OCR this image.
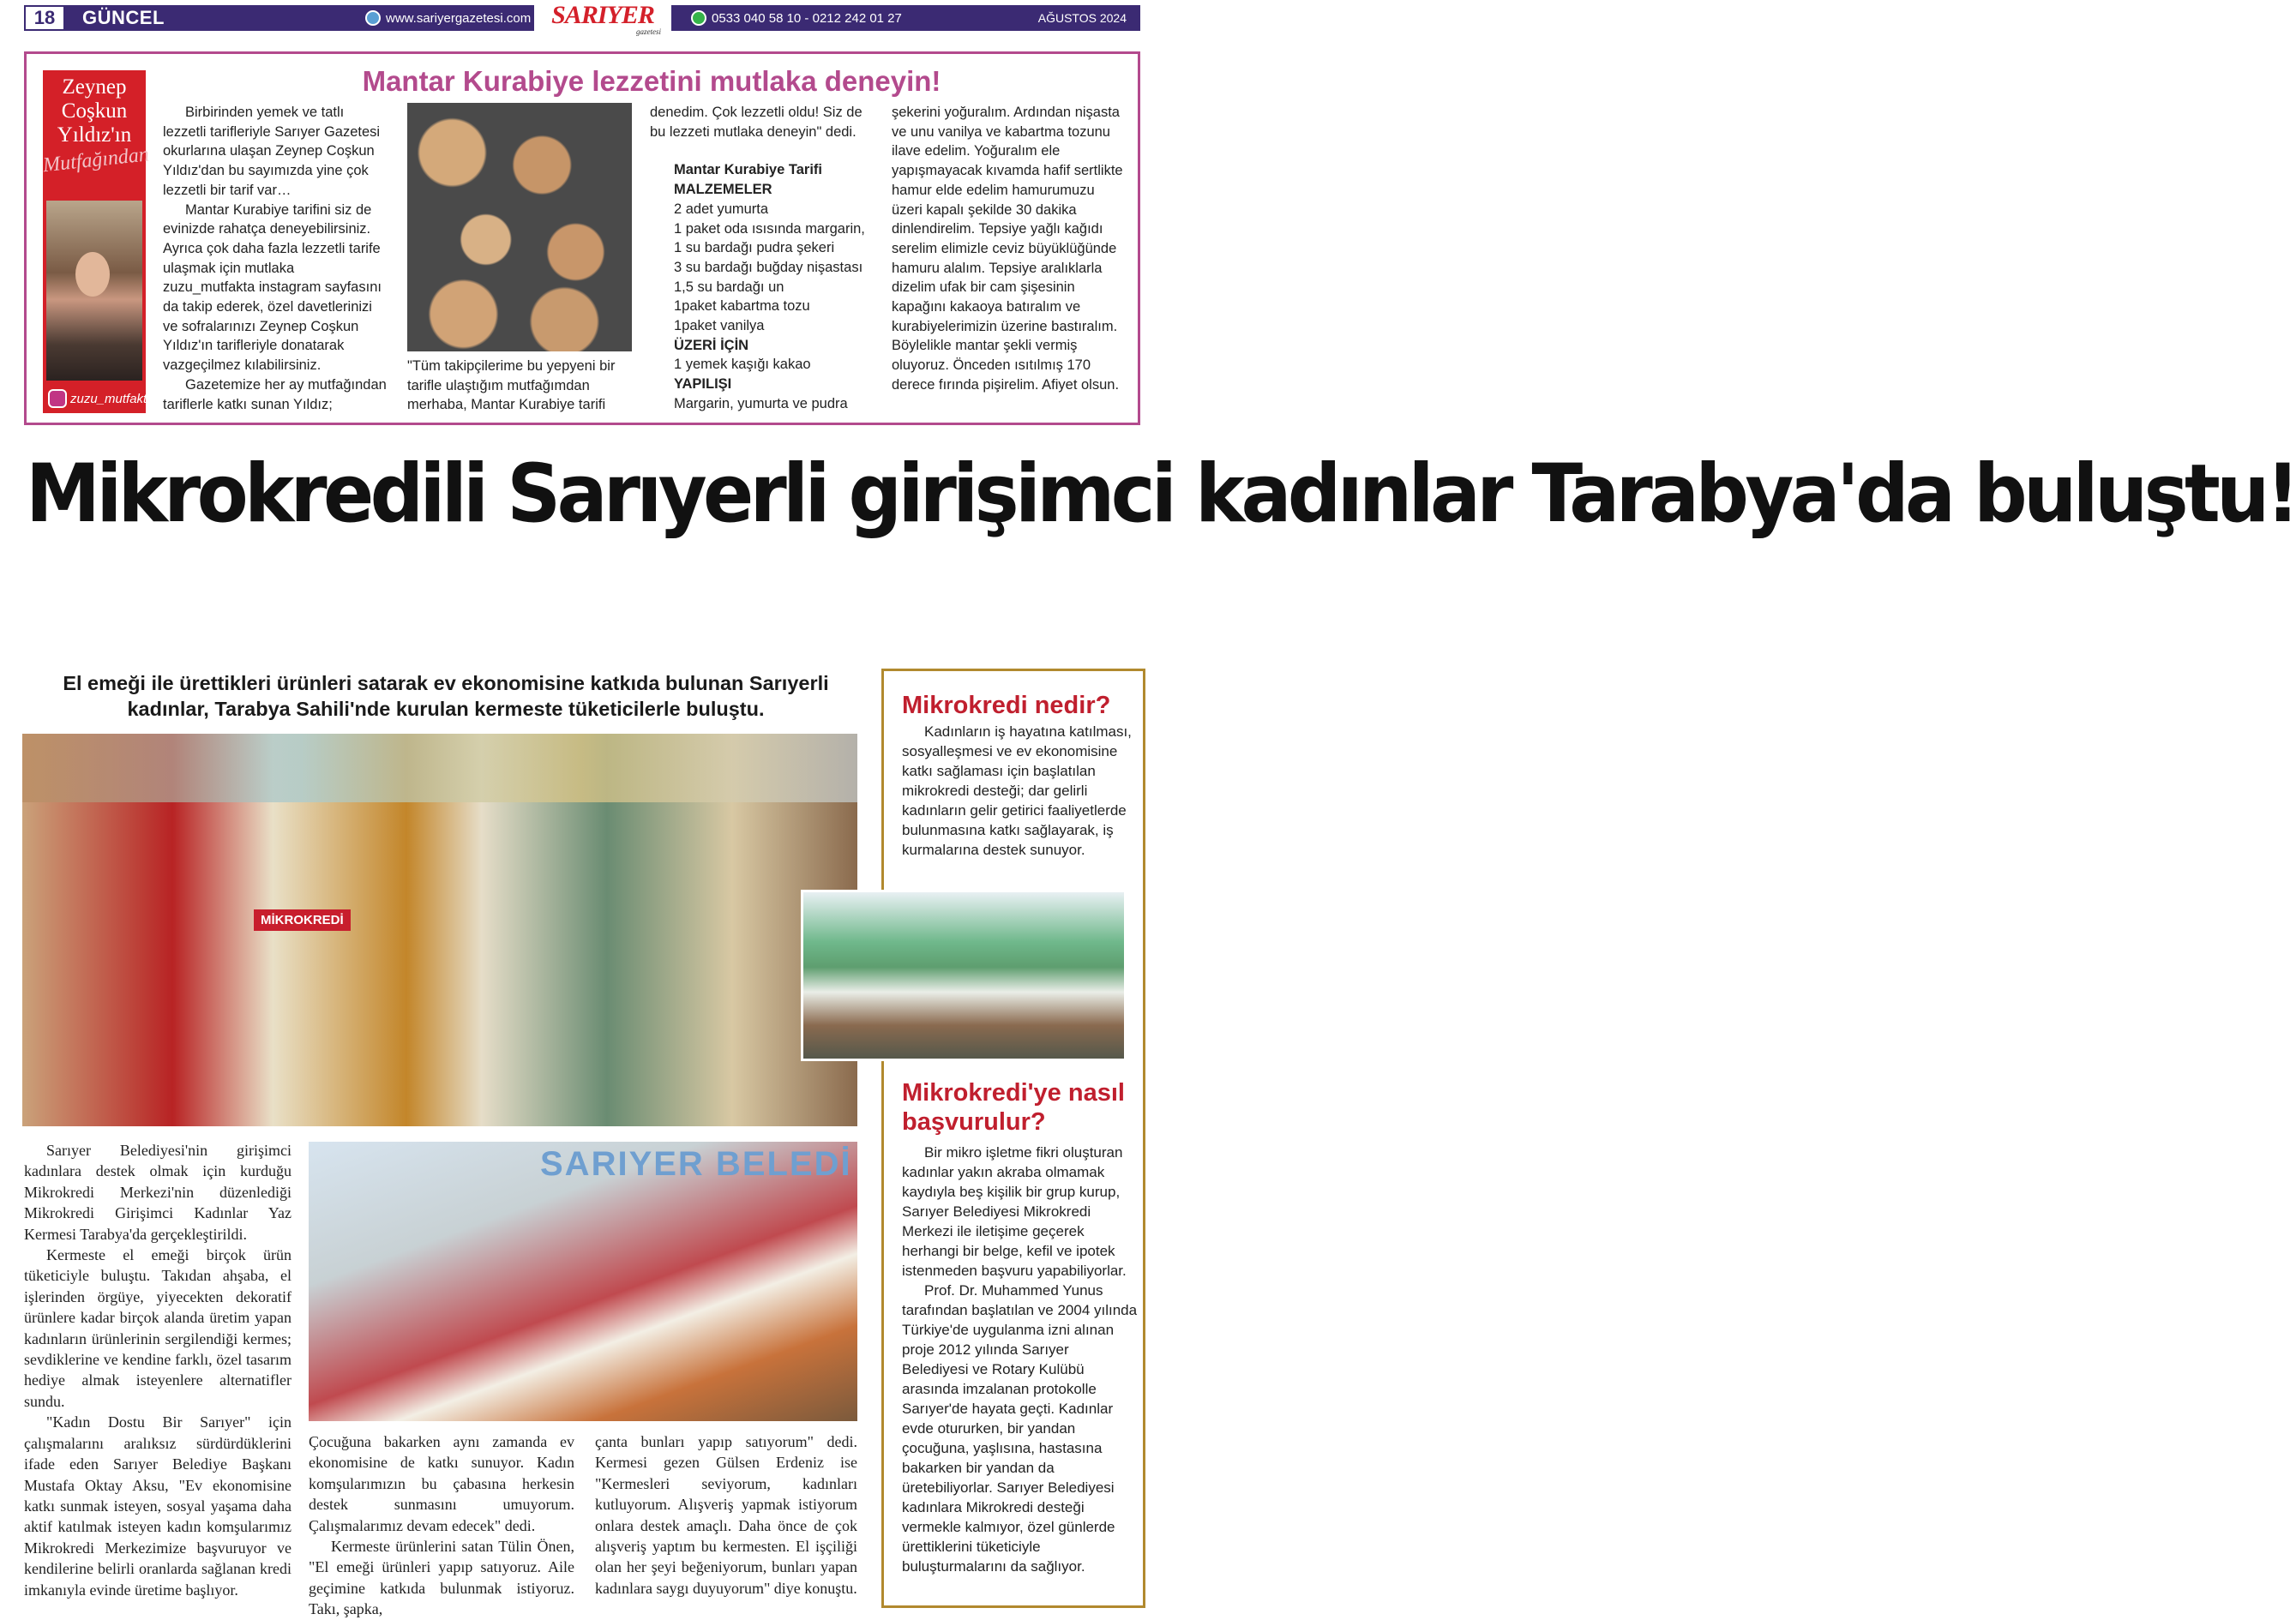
18	GÜNCEL	www.sariyergazetesi.com SARIYER
gazetesi
0533 040 58 10 - 0212 242 01 27	AĞUSTOS 2024
Zeynep Coşkun Yıldız'ın
Mutfağından
zuzu_mutfakta
Mantar Kurabiye lezzetini mutlaka deneyin!

Birbirinden yemek ve tatlı lezzetli tarifleriyle Sarıyer Gazetesi okurlarına ulaşan Zeynep Coşkun Yıldız'dan bu sayımızda yine çok lezzetli bir tarif var…

Mantar Kurabiye tarifini siz de evinizde rahatça deneyebilirsiniz. Ayrıca çok daha fazla lezzetli tarife ulaşmak için mutlaka zuzu_mutfakta instagram sayfasını da takip ederek, özel davetlerinizi ve sofralarınızı Zeynep Coşkun Yıldız'ın tarifleriyle donatarak vazgeçilmez kılabilirsiniz.

Gazetemize her ay mutfağından tariflerle katkı sunan Yıldız;

"Tüm takipçilerime bu yepyeni bir tarifle ulaştığım mutfağımdan merhaba, Mantar Kurabiye tarifi

denedim. Çok lezzetli oldu! Siz de bu lezzeti mutlaka deneyin" dedi.

Mantar Kurabiye Tarifi

MALZEMELER
2 adet yumurta
1 paket oda ısısında margarin,
1 su bardağı pudra şekeri
3 su bardağı buğday nişastası
1,5 su bardağı un
1paket kabartma tozu
1paket vanilya
ÜZERİ İÇİN
1 yemek kaşığı kakao
YAPILIŞI
Margarin, yumurta ve pudra

şekerini yoğuralım. Ardından nişasta ve unu vanilya ve kabartma tozunu ilave edelim. Yoğuralım ele yapışmayacak kıvamda hafif sertlikte hamur elde edelim hamurumuzu üzeri kapalı şekilde 30 dakika dinlendirelim. Tepsiye yağlı kağıdı serelim elimizle ceviz büyüklüğünde hamuru alalım. Tepsiye aralıklarla dizelim ufak bir cam şişesinin kapağını kakaoya batıralım ve kurabiyelerimizin üzerine bastıralım. Böylelikle mantar şekli vermiş oluyoruz. Önceden ısıtılmış 170 derece fırında pişirelim. Afiyet olsun.

Mikrokredili Sarıyerli girişimci kadınlar Tarabya'da buluştu!
El emeği ile ürettikleri ürünleri satarak ev ekonomisine katkıda bulunan Sarıyerli kadınlar, Tarabya Sahili'nde kurulan kermeste tüketicilerle buluştu.
MİKROKREDİ
SARIYER BELEDİ
Mikrokredi nedir?

Kadınların iş hayatına katılması, sosyalleşmesi ve ev ekonomisine katkı sağlaması için başlatılan mikrokredi desteği; dar gelirli kadınların gelir getirici faaliyetlerde bulunmasına katkı sağlayarak, iş kurmalarına destek sunuyor.

Mikrokredi'ye nasıl başvurulur?

Bir mikro işletme fikri oluşturan kadınlar yakın akraba olmamak kaydıyla beş kişilik bir grup kurup, Sarıyer Belediyesi Mikrokredi Merkezi ile iletişime geçerek herhangi bir belge, kefil ve ipotek istenmeden başvuru yapabiliyorlar.

Prof. Dr. Muhammed Yunus tarafından başlatılan ve 2004 yılında Türkiye'de uygulanma izni alınan proje 2012 yılında Sarıyer Belediyesi ve Rotary Kulübü arasında imzalanan protokolle Sarıyer'de hayata geçti. Kadınlar evde otururken, bir yandan çocuğuna, yaşlısına, hastasına bakarken bir yandan da üretebiliyorlar. Sarıyer Belediyesi kadınlara Mikrokredi desteği vermekle kalmıyor, özel günlerde ürettiklerini tüketiciyle buluşturmalarını da sağlıyor.

Sarıyer Belediyesi'nin girişimci kadınlara destek olmak için kurduğu Mikrokredi Merkezi'nin düzenlediği Mikrokredi Girişimci Kadınlar Yaz Kermesi Tarabya'da gerçekleştirildi.

Kermeste el emeği birçok ürün tüketiciyle buluştu. Takıdan ahşaba, el işlerinden örgüye, yiyecekten dekoratif ürünlere kadar birçok alanda üretim yapan kadınların ürünlerinin sergilendiği kermes; sevdiklerine ve kendine farklı, özel tasarım hediye almak isteyenlere alternatifler sundu.

"Kadın Dostu Bir Sarıyer" için çalışmalarını aralıksız sürdürdüklerini ifade eden Sarıyer Belediye Başkanı Mustafa Oktay Aksu, "Ev ekonomisine katkı sunmak isteyen, sosyal yaşama daha aktif katılmak isteyen kadın komşularımız Mikrokredi Merkezimize başvuruyor ve kendilerine belirli oranlarda sağlanan kredi imkanıyla evinde üretime başlıyor.

Çocuğuna bakarken aynı zamanda ev ekonomisine de katkı sunuyor. Kadın komşularımızın bu çabasına herkesin destek sunmasını umuyorum. Çalışmalarımız devam edecek" dedi.

Kermeste ürünlerini satan Tülin Önen, "El emeği ürünleri yapıp satıyoruz. Aile geçimine katkıda bulunmak istiyoruz. Takı, şapka,

çanta bunları yapıp satıyorum" dedi. Kermesi gezen Gülsen Erdeniz ise "Kermesleri seviyorum, kadınları kutluyorum. Alışveriş yapmak istiyorum onlara destek amaçlı. Daha önce de çok alışveriş yaptım bu kermesten. El işçiliği olan her şeyi beğeniyorum, bunları yapan kadınlara saygı duyuyorum" diye konuştu.
